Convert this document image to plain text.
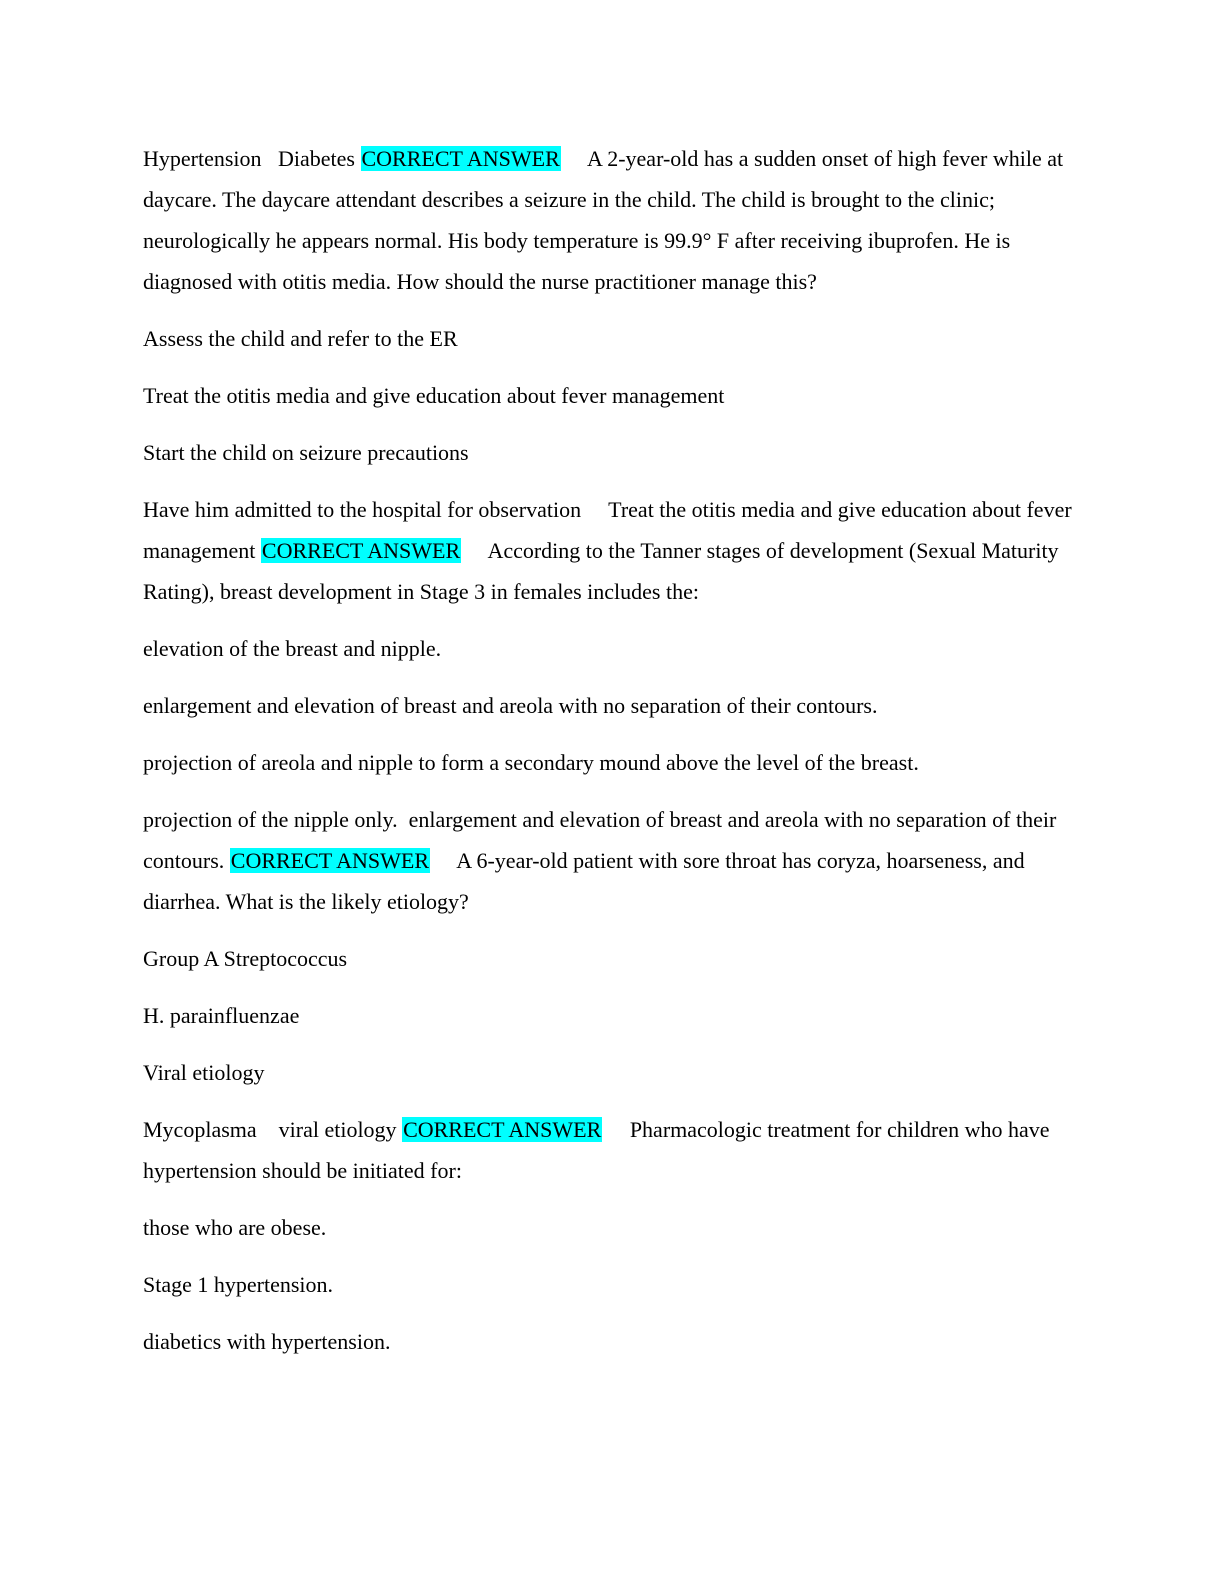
Hypertension   Diabetes CORRECT ANSWER     A 2-year-old has a sudden onset of high fever while at daycare. The daycare attendant describes a seizure in the child. The child is brought to the clinic; neurologically he appears normal. His body temperature is 99.9° F after receiving ibuprofen. He is diagnosed with otitis media. How should the nurse practitioner manage this?

Assess the child and refer to the ER

Treat the otitis media and give education about fever management

Start the child on seizure precautions

Have him admitted to the hospital for observation     Treat the otitis media and give education about fever management CORRECT ANSWER     According to the Tanner stages of development (Sexual Maturity Rating), breast development in Stage 3 in females includes the:

elevation of the breast and nipple.

enlargement and elevation of breast and areola with no separation of their contours.

projection of areola and nipple to form a secondary mound above the level of the breast.

projection of the nipple only.  enlargement and elevation of breast and areola with no separation of their contours. CORRECT ANSWER     A 6-year-old patient with sore throat has coryza, hoarseness, and diarrhea. What is the likely etiology?

Group A Streptococcus

H. parainfluenzae

Viral etiology

Mycoplasma    viral etiology CORRECT ANSWER     Pharmacologic treatment for children who have hypertension should be initiated for:

those who are obese.

Stage 1 hypertension.

diabetics with hypertension.
